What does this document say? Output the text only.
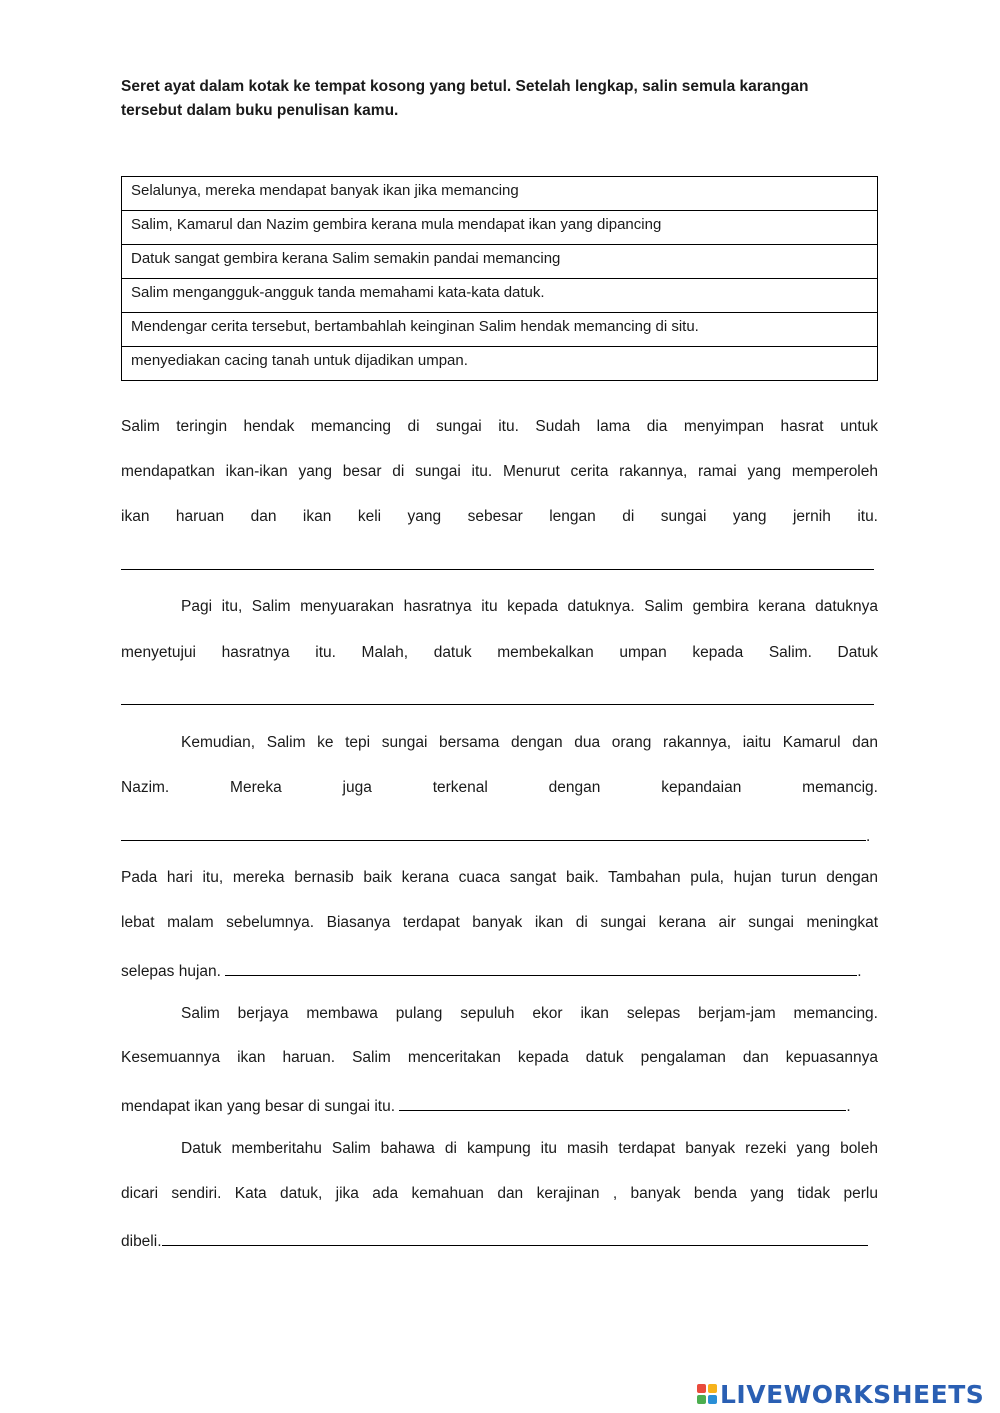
Seret ayat dalam kotak ke tempat kosong yang betul. Setelah lengkap, salin semula karangan
tersebut dalam buku penulisan kamu.
Selalunya, mereka mendapat banyak ikan jika memancing
Salim, Kamarul dan Nazim gembira kerana mula mendapat ikan yang dipancing
Datuk sangat gembira kerana Salim semakin pandai memancing
Salim mengangguk-angguk tanda memahami kata-kata datuk.
Mendengar cerita tersebut, bertambahlah keinginan Salim hendak memancing di situ.
menyediakan cacing tanah untuk dijadikan umpan.
Salim teringin hendak memancing di sungai itu. Sudah lama dia menyimpan hasrat untuk
mendapatkan ikan-ikan yang besar di sungai itu. Menurut cerita rakannya, ramai yang memperoleh
ikan haruan dan ikan keli yang sebesar lengan di sungai yang jernih itu.
Pagi itu, Salim menyuarakan hasratnya itu kepada datuknya. Salim gembira kerana datuknya
menyetujui hasratnya itu. Malah, datuk membekalkan umpan kepada Salim. Datuk
Kemudian, Salim ke tepi sungai bersama dengan dua orang rakannya, iaitu Kamarul dan
Nazim. Mereka juga terkenal dengan kepandaian memancig.
.
Pada hari itu, mereka bernasib baik kerana cuaca sangat baik. Tambahan pula, hujan turun dengan
lebat malam sebelumnya. Biasanya terdapat banyak ikan di sungai kerana air sungai meningkat
selepas hujan.	.
Salim berjaya membawa pulang sepuluh ekor ikan selepas berjam-jam memancing.
Kesemuannya ikan haruan. Salim menceritakan kepada datuk pengalaman dan kepuasannya
mendapat ikan yang besar di sungai itu.	.
Datuk memberitahu Salim bahawa di kampung itu masih terdapat banyak rezeki yang boleh
dicari sendiri. Kata datuk, jika ada kemahuan dan kerajinan , banyak benda yang tidak perlu
dibeli.
LIVEWORKSHEETS
